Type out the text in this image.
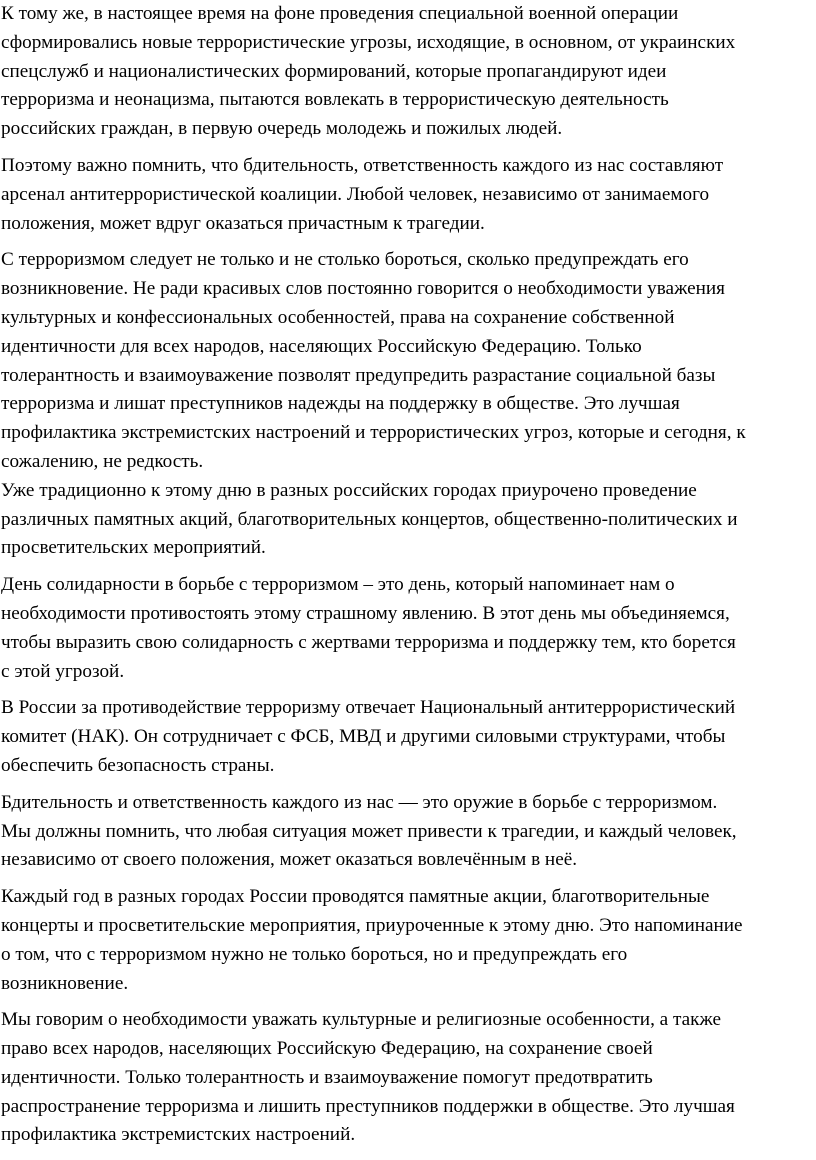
К тому же, в настоящее время на фоне проведения специальной военной операции
сформировались новые террористические угрозы, исходящие, в основном, от украинских
спецслужб и националистических формирований, которые пропагандируют идеи
терроризма и неонацизма, пытаются вовлекать в террористическую деятельность
российских граждан, в первую очередь молодежь и пожилых людей.

Поэтому важно помнить, что бдительность, ответственность каждого из нас составляют
арсенал антитеррористической коалиции. Любой человек, независимо от занимаемого
положения, может вдруг оказаться причастным к трагедии.

С терроризмом следует не только и не столько бороться, сколько предупреждать его
возникновение. Не ради красивых слов постоянно говорится о необходимости уважения
культурных и конфессиональных особенностей, права на сохранение собственной
идентичности для всех народов, населяющих Российскую Федерацию. Только
толерантность и взаимоуважение позволят предупредить разрастание социальной базы
терроризма и лишат преступников надежды на поддержку в обществе. Это лучшая
профилактика экстремистских настроений и террористических угроз, которые и сегодня, к
сожалению, не редкость.

Уже традиционно к этому дню в разных российских городах приурочено проведение
различных памятных акций, благотворительных концертов, общественно-политических и
просветительских мероприятий.

День солидарности в борьбе с терроризмом – это день, который напоминает нам о
необходимости противостоять этому страшному явлению. В этот день мы объединяемся,
чтобы выразить свою солидарность с жертвами терроризма и поддержку тем, кто борется
с этой угрозой.

В России за противодействие терроризму отвечает Национальный антитеррористический
комитет (НАК). Он сотрудничает с ФСБ, МВД и другими силовыми структурами, чтобы
обеспечить безопасность страны.

Бдительность и ответственность каждого из нас — это оружие в борьбе с терроризмом.
Мы должны помнить, что любая ситуация может привести к трагедии, и каждый человек,
независимо от своего положения, может оказаться вовлечённым в неё.

Каждый год в разных городах России проводятся памятные акции, благотворительные
концерты и просветительские мероприятия, приуроченные к этому дню. Это напоминание
о том, что с терроризмом нужно не только бороться, но и предупреждать его
возникновение.

Мы говорим о необходимости уважать культурные и религиозные особенности, а также
право всех народов, населяющих Российскую Федерацию, на сохранение своей
идентичности. Только толерантность и взаимоуважение помогут предотвратить
распространение терроризма и лишить преступников поддержки в обществе. Это лучшая
профилактика экстремистских настроений.
